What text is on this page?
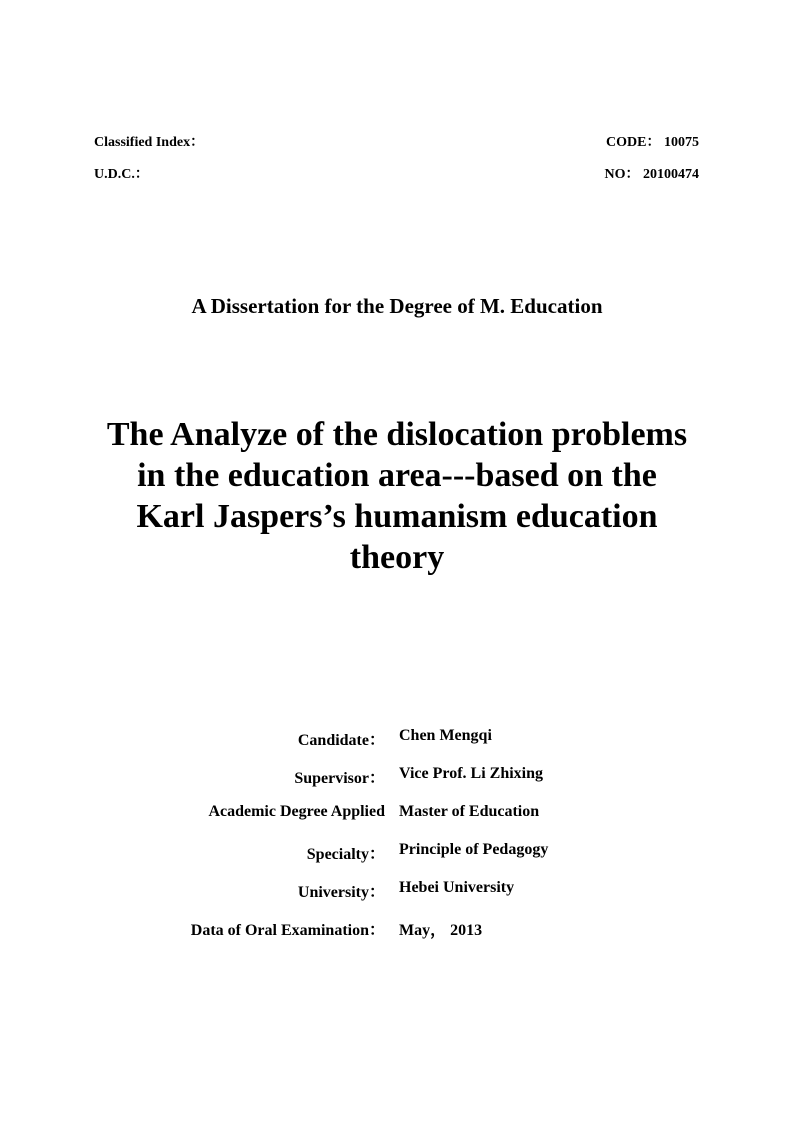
Classified Index：	CODE： 10075
U.D.C.：	NO： 20100474
A Dissertation for the Degree of M. Education
The Analyze of the dislocation problems
in the education area---based on the
Karl Jaspers’s humanism education
theory
Candidate： Chen Mengqi
Supervisor： Vice Prof. Li Zhixing
Academic Degree Applied Master of Education
Specialty： Principle of Pedagogy
University： Hebei University
Data of Oral Examination： May， 2013
